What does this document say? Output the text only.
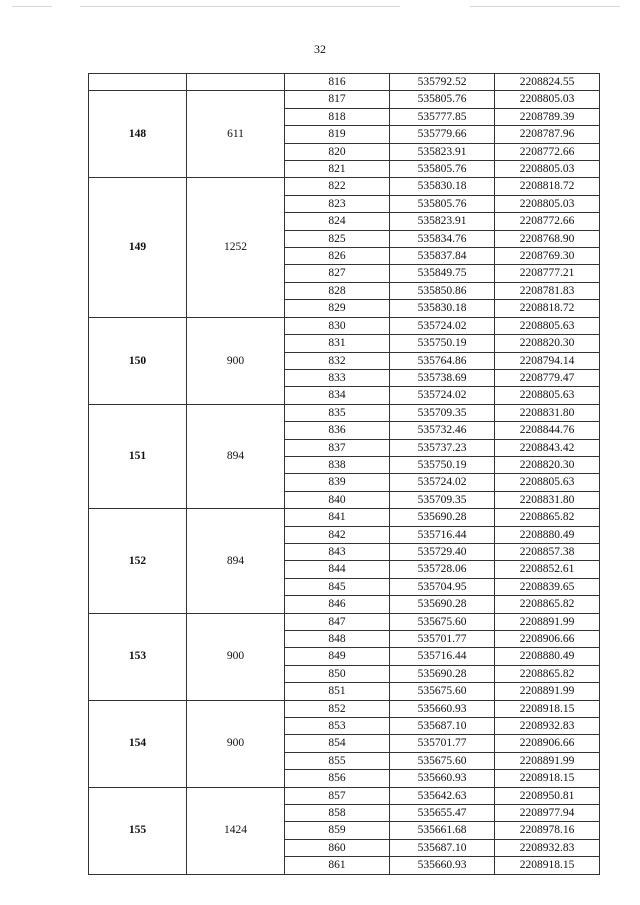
32
		816	535792.52	2208824.55
148	611	817	535805.76	2208805.03
		818	535777.85	2208789.39
		819	535779.66	2208787.96
		820	535823.91	2208772.66
		821	535805.76	2208805.03
149	1252	822	535830.18	2208818.72
		823	535805.76	2208805.03
		824	535823.91	2208772.66
		825	535834.76	2208768.90
		826	535837.84	2208769.30
		827	535849.75	2208777.21
		828	535850.86	2208781.83
		829	535830.18	2208818.72
150	900	830	535724.02	2208805.63
		831	535750.19	2208820.30
		832	535764.86	2208794.14
		833	535738.69	2208779.47
		834	535724.02	2208805.63
151	894	835	535709.35	2208831.80
		836	535732.46	2208844.76
		837	535737.23	2208843.42
		838	535750.19	2208820.30
		839	535724.02	2208805.63
		840	535709.35	2208831.80
152	894	841	535690.28	2208865.82
		842	535716.44	2208880.49
		843	535729.40	2208857.38
		844	535728.06	2208852.61
		845	535704.95	2208839.65
		846	535690.28	2208865.82
153	900	847	535675.60	2208891.99
		848	535701.77	2208906.66
		849	535716.44	2208880.49
		850	535690.28	2208865.82
		851	535675.60	2208891.99
154	900	852	535660.93	2208918.15
		853	535687.10	2208932.83
		854	535701.77	2208906.66
		855	535675.60	2208891.99
		856	535660.93	2208918.15
155	1424	857	535642.63	2208950.81
		858	535655.47	2208977.94
		859	535661.68	2208978.16
		860	535687.10	2208932.83
		861	535660.93	2208918.15
